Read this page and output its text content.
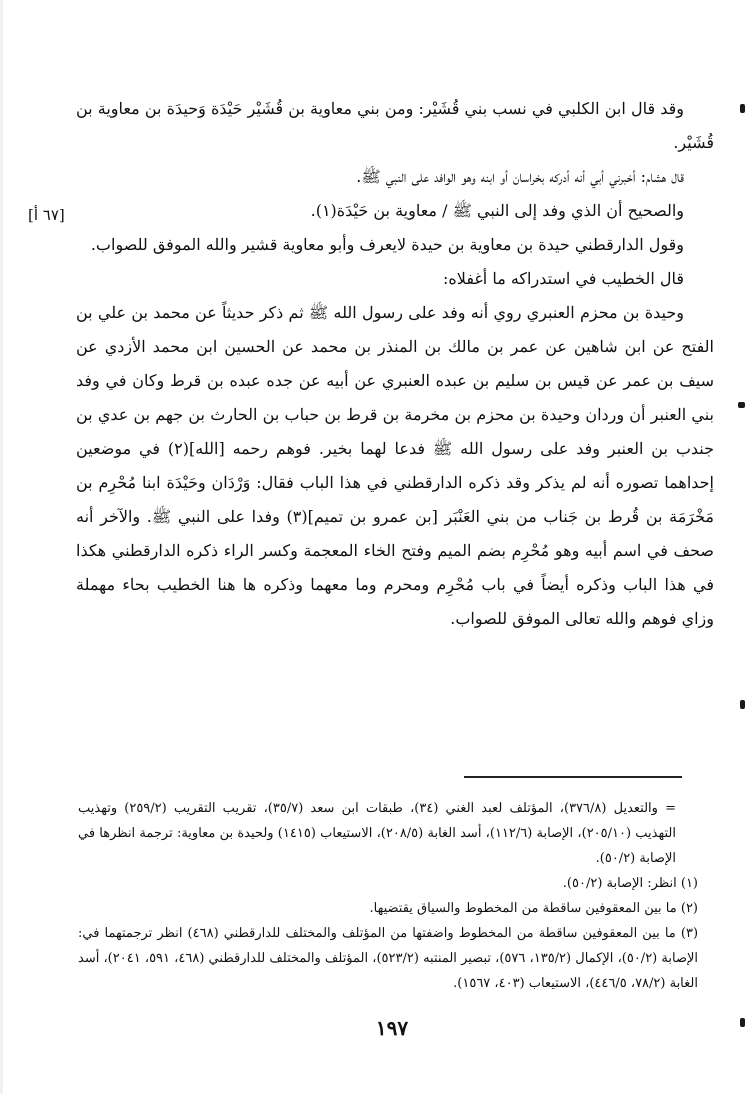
[٦٧ أ]

وقد قال ابن الكلبي في نسب بني قُشَيْر: ومن بني معاوية بن قُشَيْر حَيْدَة وَحيدَة بن معاوية بن قُشَيْر.

قال هشام: أخبرني أبي أنه أدركه بخراسان أو ابنه وهو الوافد على النبي ﷺ.

والصحيح أن الذي وفد إلى النبي ﷺ / معاوية بن حَيْدَة(١).

وقول الدارقطني حيدة بن معاوية بن حيدة لايعرف وأبو معاوية قشير والله الموفق للصواب.

قال الخطيب في استدراكه ما أغفلاه:

وحيدة بن محزم العنبري روي أنه وفد على رسول الله ﷺ ثم ذكر حديثاً عن محمد بن علي بن الفتح عن ابن شاهين عن عمر بن مالك بن المنذر بن محمد عن الحسين ابن محمد الأزدي عن سيف بن عمر عن قيس بن سليم بن عبده العنبري عن أبيه عن جده عبده بن قرط وكان في وفد بني العنبر أن وردان وحيدة بن محزم بن مخرمة بن قرط بن حباب بن الحارث بن جهم بن عدي بن جندب بن العنبر وفد على رسول الله ﷺ فدعا لهما بخير. فوهم رحمه [الله](٢) في موضعين إحداهما تصوره أنه لم يذكر وقد ذكره الدارقطني في هذا الباب فقال: وَرْدَان وحَيْدَة ابنا مُحْرِم بن مَخْرَمَة بن قُرط بن جَناب من بني العَنْبَر [بن عمرو بن تميم](٣) وفدا على النبي ﷺ. والآخر أنه صحف في اسم أبيه وهو مُحْرِم بضم الميم وفتح الخاء المعجمة وكسر الراء ذكره الدارقطني هكذا في هذا الباب وذكره أيضاً في باب مُحْرِم ومحرم وما معهما وذكره ها هنا الخطيب بحاء مهملة وزاي فوهم والله تعالى الموفق للصواب.

= والتعديل (٣٧٦/٨)، المؤتلف لعبد الغني (٣٤)، طبقات ابن سعد (٣٥/٧)، تقريب التقريب (٢٥٩/٢) وتهذيب التهذيب (٢٠٥/١٠)، الإصابة (١١٢/٦)، أسد الغابة (٢٠٨/٥)، الاستيعاب (١٤١٥) ولحيدة بن معاوية: ترجمة انظرها في الإصابة (٥٠/٢).

(١) انظر: الإصابة (٥٠/٢).

(٢) ما بين المعقوفين ساقطة من المخطوط والسياق يقتضيها.

(٣) ما بين المعقوفين ساقطة من المخطوط واضفتها من المؤتلف والمختلف للدارقطني (٤٦٨) انظر ترجمتهما في: الإصابة (٥٠/٢)، الإكمال (١٣٥/٢، ٥٧٦)، تبصير المنتبه (٥٢٣/٢)، المؤتلف والمختلف للدارقطني (٤٦٨، ٥٩١، ٢٠٤١)، أسد الغابة (٧٨/٢، ٤٤٦/٥)، الاستيعاب (٤٠٣، ١٥٦٧).

١٩٧
